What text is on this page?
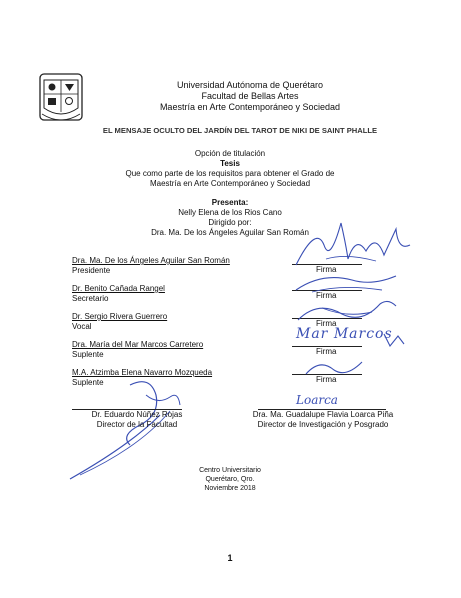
Universidad Autónoma de Querétaro
Facultad de Bellas Artes
Maestría en Arte Contemporáneo y Sociedad
EL MENSAJE OCULTO DEL JARDÍN DEL TAROT DE NIKI DE SAINT PHALLE
Opción de titulación
Tesis
Que como parte de los requisitos para obtener el Grado de
Maestría en Arte Contemporáneo y Sociedad
Presenta:
Nelly Elena de los Rios Cano
Dirigido por:
Dra. Ma. De los Ángeles Aguilar San Román
Dra. Ma. De los Ángeles Aguilar San Román
Presidente
Dr. Benito Cañada Rangel
Secretario
Dr. Sergio Rivera Guerrero
Vocal
Dra. María del Mar Marcos Carretero
Suplente
M.A. Atzimba Elena Navarro Mozqueda
Suplente
Firma
Firma
Firma
Firma
Firma
Mar Marcos
Loarca
Dr. Eduardo Núñez Rojas
Director de la Facultad
Dra. Ma. Guadalupe Flavia Loarca Piña
Director de Investigación y Posgrado
Centro Universitario
Querétaro, Qro.
Noviembre 2018
1
